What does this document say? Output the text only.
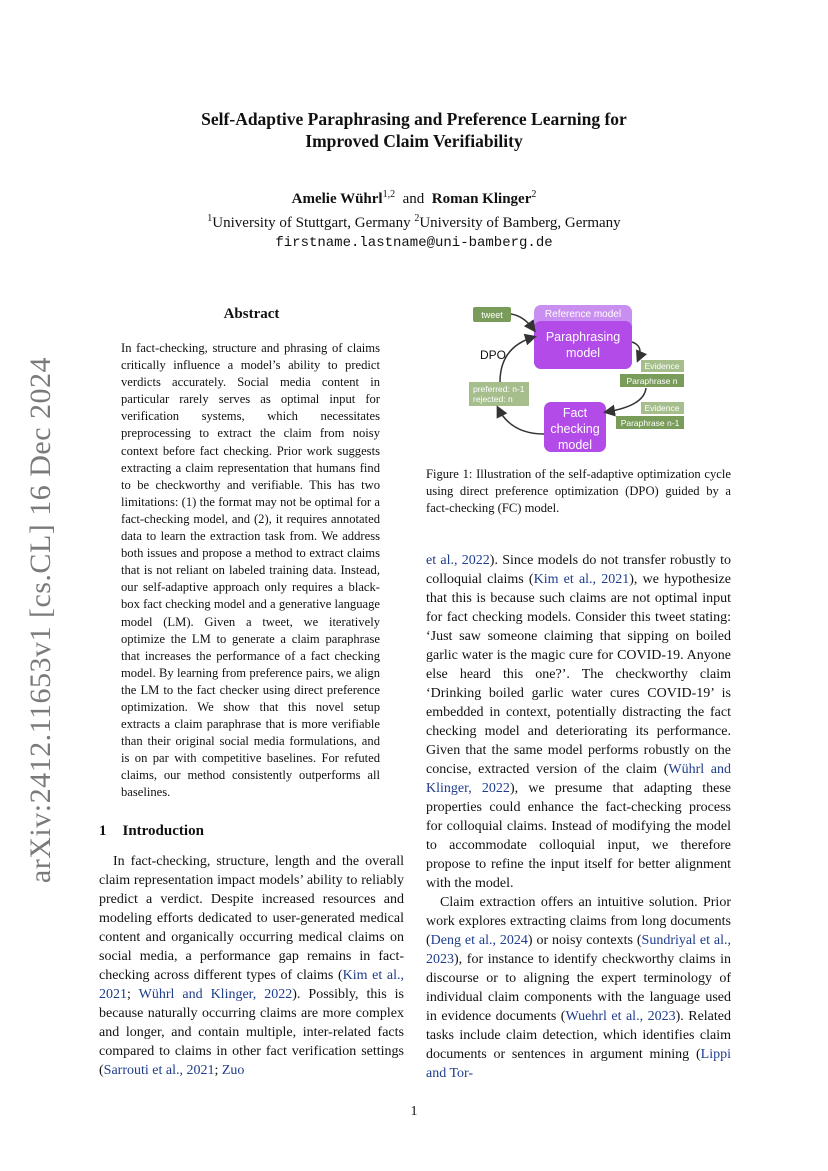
Self-Adaptive Paraphrasing and Preference Learning for
Improved Claim Verifiability
Amelie Wührl$^{1,2}$ and Roman Klinger$^2$
$^1$University of Stuttgart, Germany $^2$University of Bamberg, Germany
firstname.lastname@uni-bamberg.de
arXiv:2412.11653v1 [cs.CL] 16 Dec 2024
Abstract
In fact-checking, structure and phrasing of claims critically influence a model’s ability to predict verdicts accurately. Social media content in particular rarely serves as optimal input for verification systems, which necessitates preprocessing to extract the claim from noisy context before fact checking. Prior work suggests extracting a claim representation that humans find to be checkworthy and verifiable. This has two limitations: (1) the format may not be optimal for a fact-checking model, and (2), it requires annotated data to learn the extraction task from. We address both issues and propose a method to extract claims that is not reliant on labeled training data. Instead, our self-adaptive approach only requires a black-box fact checking model and a generative language model (LM). Given a tweet, we iteratively optimize the LM to generate a claim paraphrase that increases the performance of a fact checking model. By learning from preference pairs, we align the LM to the fact checker using direct preference optimization. We show that this novel setup extracts a claim paraphrase that is more verifiable than their original social media formulations, and is on par with competitive baselines. For refuted claims, our method consistently outperforms all baselines.
1 Introduction

In fact-checking, structure, length and the overall claim representation impact models’ ability to reliably predict a verdict. Despite increased resources and modeling efforts dedicated to user-generated medical content and organically occurring medical claims on social media, a performance gap remains in fact-checking across different types of claims (Kim et al., 2021; Wührl and Klinger, 2022). Possibly, this is because naturally occurring claims are more complex and longer, and contain multiple, inter-related facts compared to claims in other fact verification settings (Sarrouti et al., 2021; Zuo

tweet	Reference model
Paraphrasing
model
DPO
Evidence
Paraphrase n
preferred: n-1
rejected: n
Fact
checking
model
Evidence
Paraphrase n-1
Figure 1: Illustration of the self-adaptive optimization cycle using direct preference optimization (DPO) guided by a fact-checking (FC) model.

et al., 2022). Since models do not transfer robustly to colloquial claims (Kim et al., 2021), we hypothesize that this is because such claims are not optimal input for fact checking models. Consider this tweet stating: ‘Just saw someone claiming that sipping on boiled garlic water is the magic cure for COVID-19. Anyone else heard this one?’. The checkworthy claim ‘Drinking boiled garlic water cures COVID-19’ is embedded in context, potentially distracting the fact checking model and deteriorating its performance. Given that the same model performs robustly on the concise, extracted version of the claim (Wührl and Klinger, 2022), we presume that adapting these properties could enhance the fact-checking process for colloquial claims. Instead of modifying the model to accommodate colloquial input, we therefore propose to refine the input itself for better alignment with the model.

Claim extraction offers an intuitive solution. Prior work explores extracting claims from long documents (Deng et al., 2024) or noisy contexts (Sundriyal et al., 2023), for instance to identify checkworthy claims in discourse or to aligning the expert terminology of individual claim components with the language used in evidence documents (Wuehrl et al., 2023). Related tasks include claim detection, which identifies claim documents or sentences in argument mining (Lippi and Tor-

1
